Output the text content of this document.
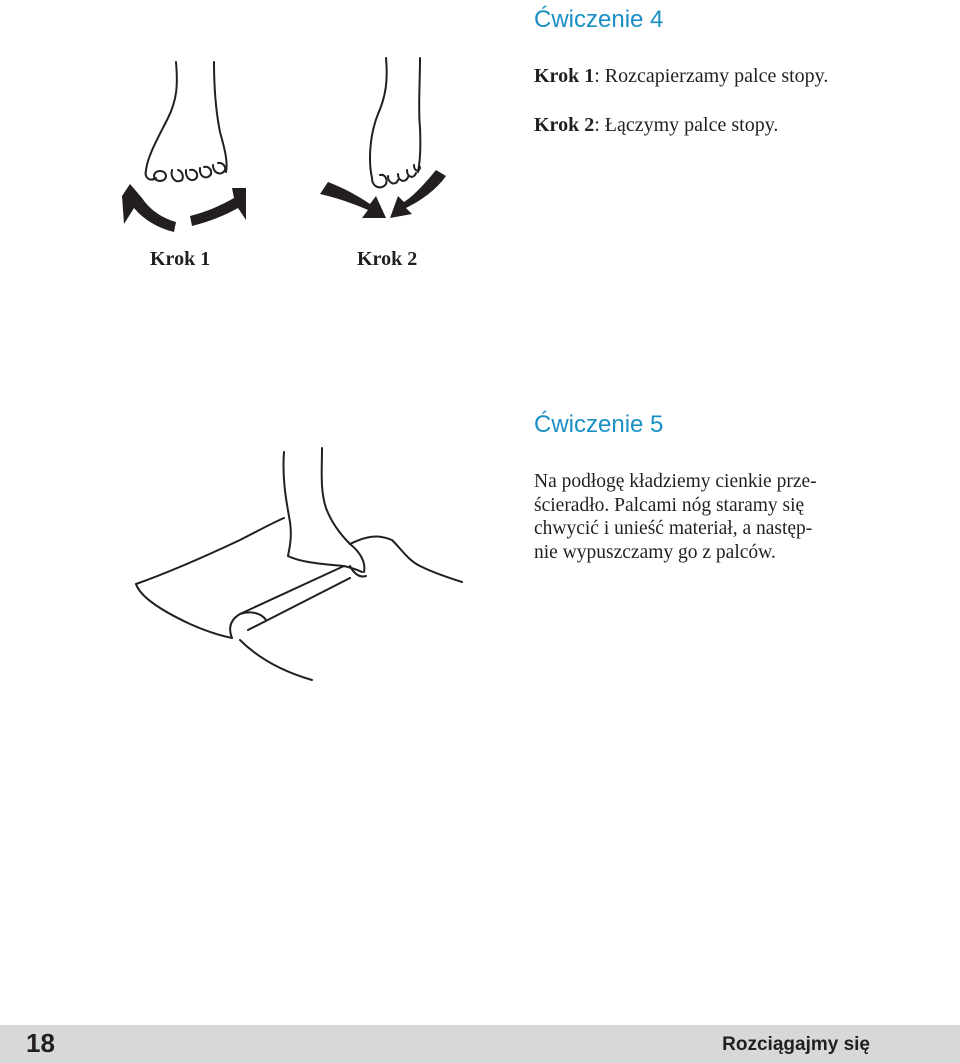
Ćwiczenie 4

Krok 1: Rozcapierzamy palce stopy.

Krok 2: Łączymy palce stopy.

Krok 1	Krok 2
Ćwiczenie 5

Na podłogę kładziemy cienkie prze-
ścieradło. Palcami nóg staramy się
chwycić i unieść materiał, a następ-
nie wypuszczamy go z palców.

18	Rozciągajmy się
